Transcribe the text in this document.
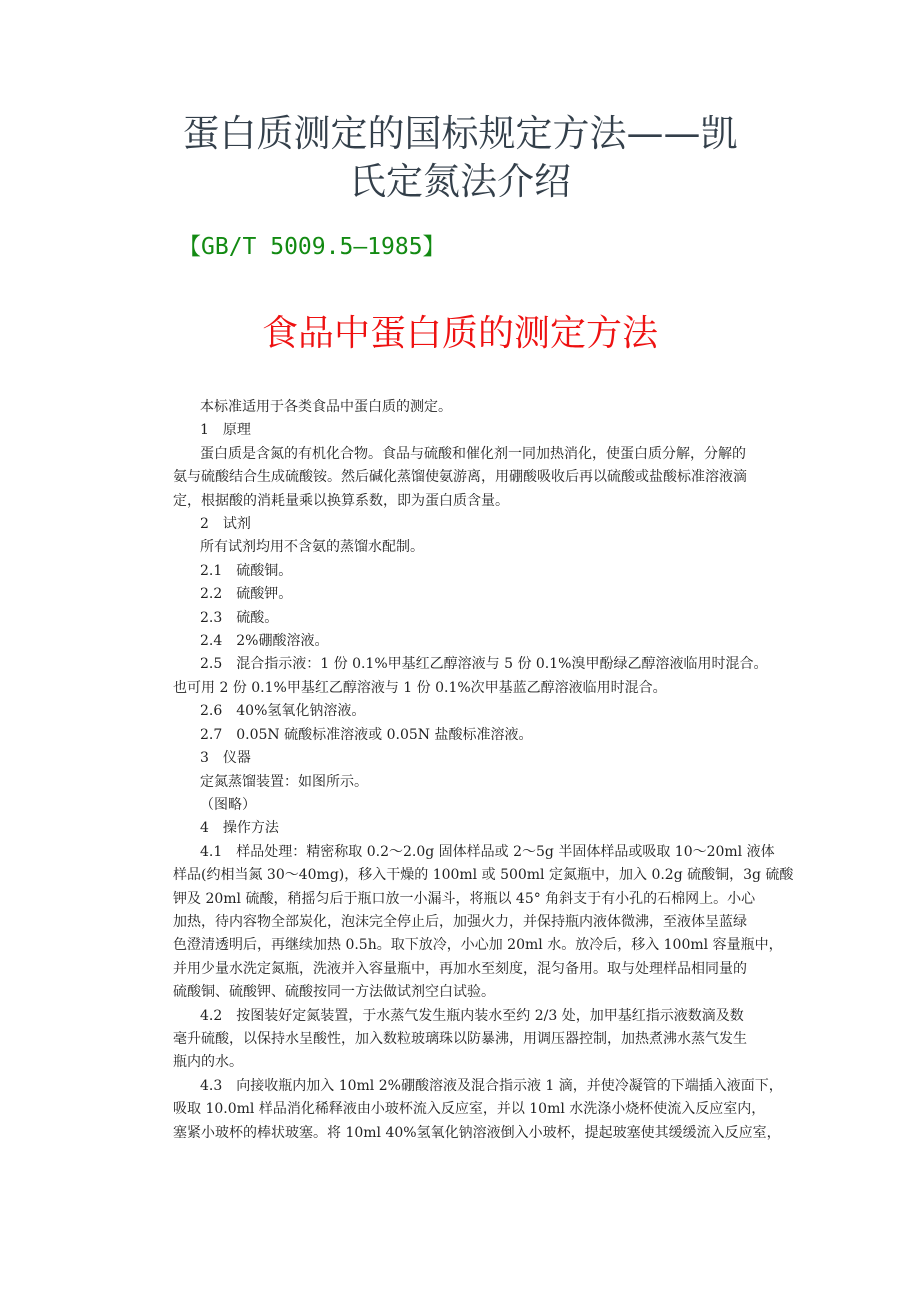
蛋白质测定的国标规定方法——凯
氏定氮法介绍
【GB/T 5009.5—1985】
食品中蛋白质的测定方法
本标准适用于各类食品中蛋白质的测定。
1　原理
蛋白质是含氮的有机化合物。食品与硫酸和催化剂一同加热消化，使蛋白质分解，分解的
氨与硫酸结合生成硫酸铵。然后碱化蒸馏使氨游离，用硼酸吸收后再以硫酸或盐酸标准溶液滴
定，根据酸的消耗量乘以换算系数，即为蛋白质含量。
2　试剂
所有试剂均用不含氨的蒸馏水配制。
2.1　硫酸铜。
2.2　硫酸钾。
2.3　硫酸。
2.4　2%硼酸溶液。
2.5　混合指示液：1 份 0.1%甲基红乙醇溶液与 5 份 0.1%溴甲酚绿乙醇溶液临用时混合。
也可用 2 份 0.1%甲基红乙醇溶液与 1 份 0.1%次甲基蓝乙醇溶液临用时混合。
2.6　40%氢氧化钠溶液。
2.7　0.05N 硫酸标准溶液或 0.05N 盐酸标准溶液。
3　仪器
定氮蒸馏装置：如图所示。
（图略）
4　操作方法
4.1　样品处理：精密称取 0.2～2.0g 固体样品或 2～5g 半固体样品或吸取 10～20ml 液体
样品(约相当氮 30～40mg)，移入干燥的 100ml 或 500ml 定氮瓶中，加入 0.2g 硫酸铜，3g 硫酸
钾及 20ml 硫酸，稍摇匀后于瓶口放一小漏斗，将瓶以 45° 角斜支于有小孔的石棉网上。小心
加热，待内容物全部炭化，泡沫完全停止后，加强火力，并保持瓶内液体微沸，至液体呈蓝绿
色澄清透明后，再继续加热 0.5h。取下放冷，小心加 20ml 水。放冷后，移入 100ml 容量瓶中，
并用少量水洗定氮瓶，洗液并入容量瓶中，再加水至刻度，混匀备用。取与处理样品相同量的
硫酸铜、硫酸钾、硫酸按同一方法做试剂空白试验。
4.2　按图装好定氮装置，于水蒸气发生瓶内装水至约 2/3 处，加甲基红指示液数滴及数
毫升硫酸，以保持水呈酸性，加入数粒玻璃珠以防暴沸，用调压器控制，加热煮沸水蒸气发生
瓶内的水。
4.3　向接收瓶内加入 10ml 2%硼酸溶液及混合指示液 1 滴，并使冷凝管的下端插入液面下，
吸取 10.0ml 样品消化稀释液由小玻杯流入反应室，并以 10ml 水洗涤小烧杯使流入反应室内，
塞紧小玻杯的棒状玻塞。将 10ml 40%氢氧化钠溶液倒入小玻杯，提起玻塞使其缓缓流入反应室，
